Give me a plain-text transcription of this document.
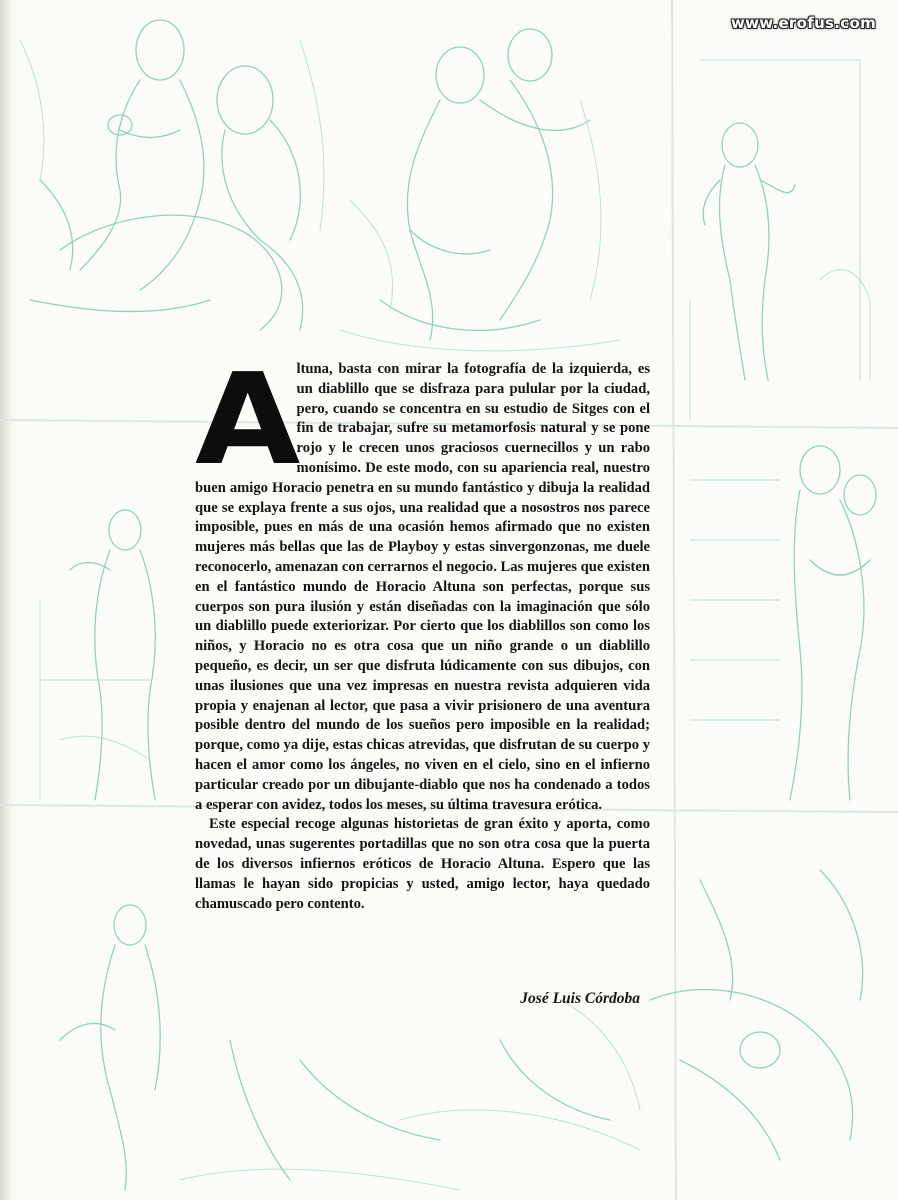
www.erofus.com

Altuna, basta con mirar la fotografía de la izquierda, es un diablillo que se disfraza para pulular por la ciudad, pero, cuando se concentra en su estudio de Sitges con el fin de trabajar, sufre su metamorfosis natural y se pone rojo y le crecen unos graciosos cuernecillos y un rabo monísimo. De este modo, con su apariencia real, nuestro buen amigo Horacio penetra en su mundo fantástico y dibuja la realidad que se explaya frente a sus ojos, una realidad que a nosostros nos parece imposible, pues en más de una ocasión hemos afirmado que no existen mujeres más bellas que las de Playboy y estas sinvergonzonas, me duele reconocerlo, amenazan con cerrarnos el negocio. Las mujeres que existen en el fantástico mundo de Horacio Altuna son perfectas, porque sus cuerpos son pura ilusión y están diseñadas con la imaginación que sólo un diablillo puede exteriorizar. Por cierto que los diablillos son como los niños, y Horacio no es otra cosa que un niño grande o un diablillo pequeño, es decir, un ser que disfruta lúdicamente con sus dibujos, con unas ilusiones que una vez impresas en nuestra revista adquieren vida propia y enajenan al lector, que pasa a vivir prisionero de una aventura posible dentro del mundo de los sueños pero imposible en la realidad; porque, como ya dije, estas chicas atrevidas, que disfrutan de su cuerpo y hacen el amor como los ángeles, no viven en el cielo, sino en el infierno particular creado por un dibujante-diablo que nos ha condenado a todos a esperar con avidez, todos los meses, su última travesura erótica.

Este especial recoge algunas historietas de gran éxito y aporta, como novedad, unas sugerentes portadillas que no son otra cosa que la puerta de los diversos infiernos eróticos de Horacio Altuna. Espero que las llamas le hayan sido propicias y usted, amigo lector, haya quedado chamuscado pero contento.

José Luis Córdoba
